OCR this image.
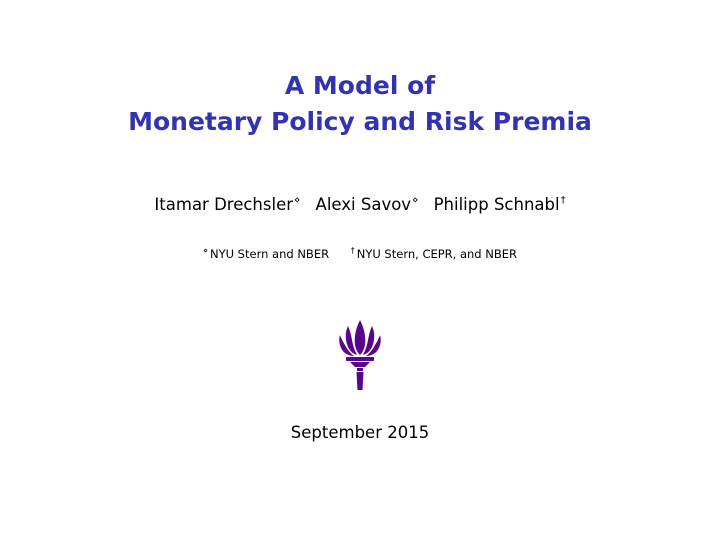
A Model of
Monetary Policy and Risk Premia
Itamar Drechsler⋄ Alexi Savov⋄ Philipp Schnabl†
⋄ NYU Stern and NBER	† NYU Stern, CEPR, and NBER
September 2015
